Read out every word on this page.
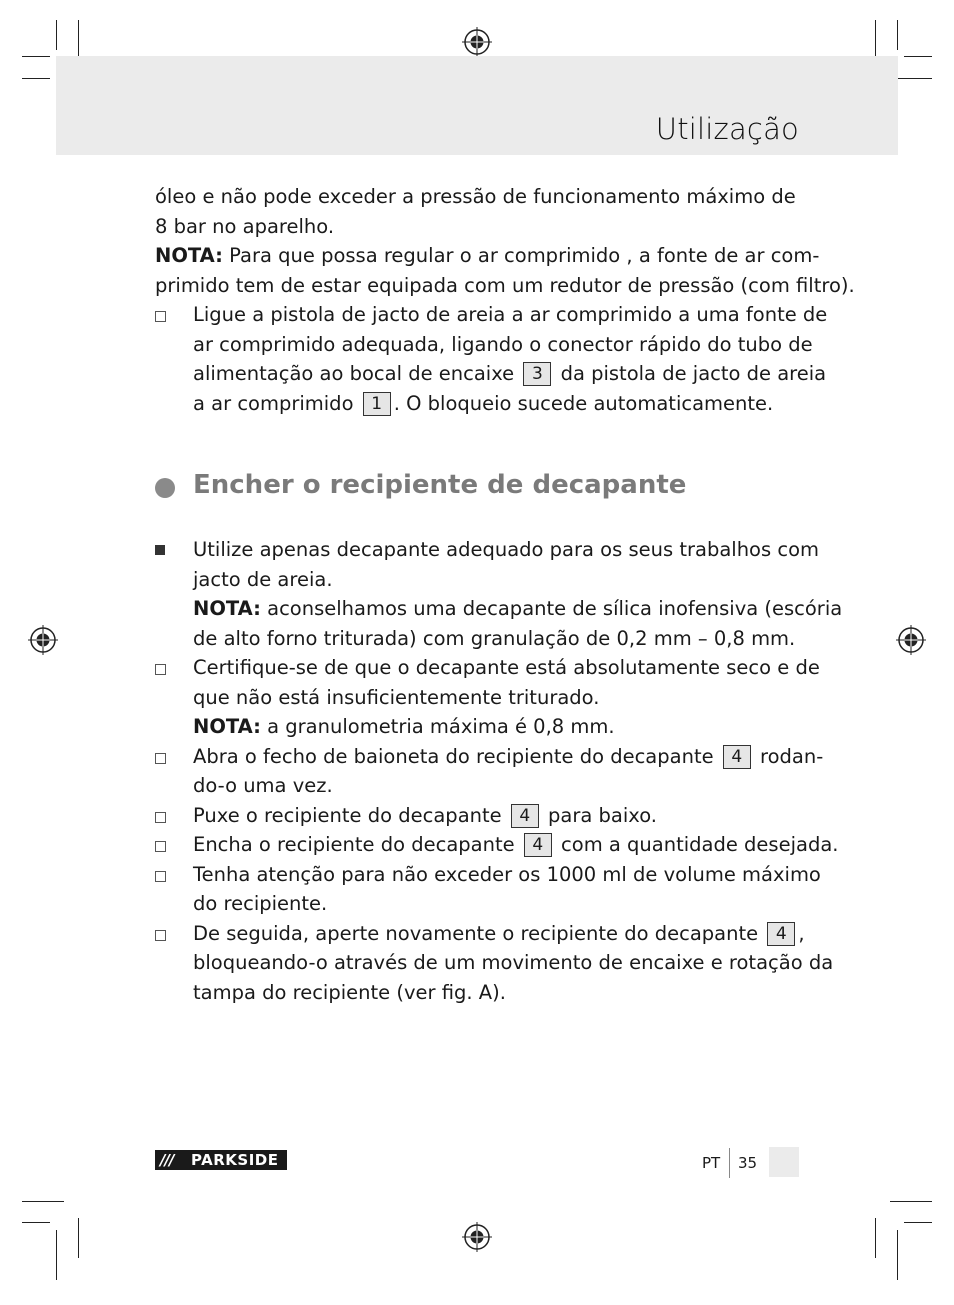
Utilização
óleo e não pode exceder a pressão de funcionamento máximo de
8 bar no aparelho.
NOTA: Para que possa regular o ar comprimido , a fonte de ar com-
primido tem de estar equipada com um redutor de pressão (com filtro).
Ligue a pistola de jacto de areia a ar comprimido a uma fonte de
ar comprimido adequada, ligando o conector rápido do tubo de
alimentação ao bocal de encaixe 3 da pistola de jacto de areia
a ar comprimido 1 . O bloqueio sucede automaticamente.
Encher o recipiente de decapante
Utilize apenas decapante adequado para os seus trabalhos com
jacto de areia.
NOTA: aconselhamos uma decapante de sílica inofensiva (escória
de alto forno triturada) com granulação de 0,2 mm – 0,8 mm.
Certifique-se de que o decapante está absolutamente seco e de
que não está insuficientemente triturado.
NOTA: a granulometria máxima é 0,8 mm.
Abra o fecho de baioneta do recipiente do decapante 4 rodan-
do-o uma vez.
Puxe o recipiente do decapante 4 para baixo.
Encha o recipiente do decapante 4 com a quantidade desejada.
Tenha atenção para não exceder os 1000 ml de volume máximo
do recipiente.
De seguida, aperte novamente o recipiente do decapante 4 ,
bloqueando-o através de um movimento de encaixe e rotação da
tampa do recipiente (ver fig. A).
/// PARKSIDE	PT 35
